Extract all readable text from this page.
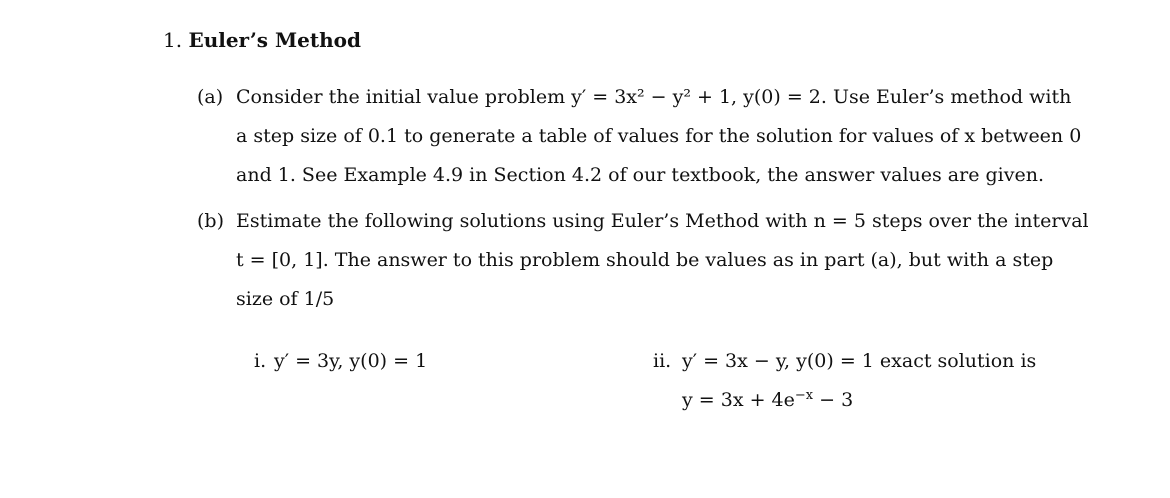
1. Euler’s Method
(a) Consider the initial value problem y′ = 3x² − y² + 1, y(0) = 2. Use Euler’s method with
a step size of 0.1 to generate a table of values for the solution for values of x between 0
and 1. See Example 4.9 in Section 4.2 of our textbook, the answer values are given.
(b) Estimate the following solutions using Euler’s Method with n = 5 steps over the interval
t = [0, 1]. The answer to this problem should be values as in part (a), but with a step
size of 1/5
i. y′ = 3y, y(0) = 1	ii. y′ = 3x − y, y(0) = 1 exact solution is
$y = 3x + 4e^{-x} - 3$
